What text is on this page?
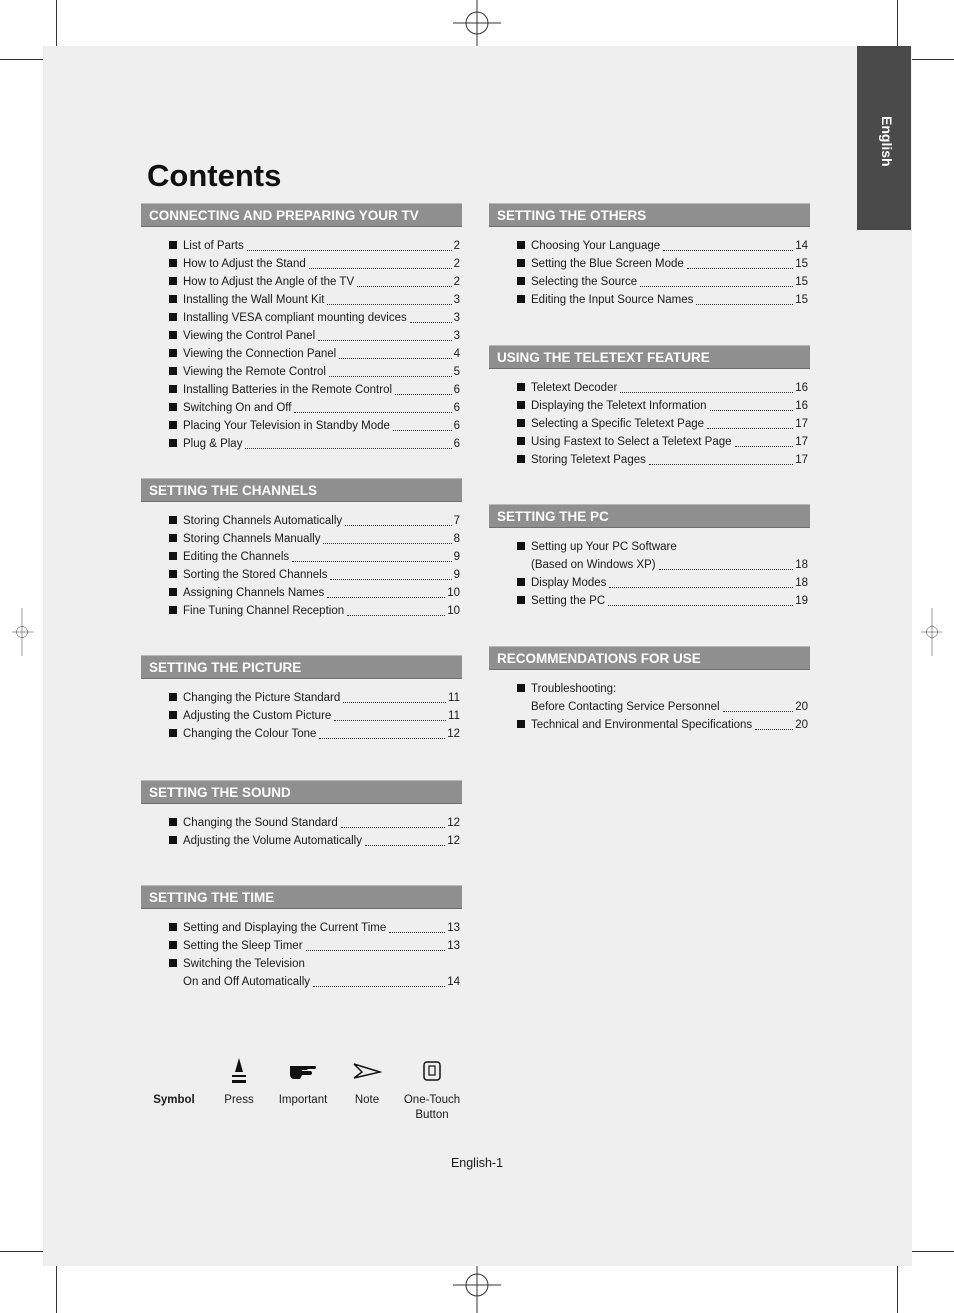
English
Contents
CONNECTING AND PREPARING YOUR TV
List of Parts	2
How to Adjust the Stand	2
How to Adjust the Angle of the TV	2
Installing the Wall Mount Kit	3
Installing VESA compliant mounting devices	3
Viewing the Control Panel	3
Viewing the Connection Panel	4
Viewing the Remote Control	5
Installing Batteries in the Remote Control	6
Switching On and Off	6
Placing Your Television in Standby Mode	6
Plug & Play	6
SETTING THE CHANNELS
Storing Channels Automatically	7
Storing Channels Manually	8
Editing the Channels	9
Sorting the Stored Channels	9
Assigning Channels Names	10
Fine Tuning Channel Reception	10
SETTING THE PICTURE
Changing the Picture Standard	11
Adjusting the Custom Picture	11
Changing the Colour Tone	12
SETTING THE SOUND
Changing the Sound Standard	12
Adjusting the Volume Automatically	12
SETTING THE TIME
Setting and Displaying the Current Time	13
Setting the Sleep Timer	13
Switching the Television
On and Off Automatically	14
SETTING THE OTHERS
Choosing Your Language	14
Setting the Blue Screen Mode	15
Selecting the Source	15
Editing the Input Source Names	15
USING THE TELETEXT FEATURE
Teletext Decoder	16
Displaying the Teletext Information	16
Selecting a Specific Teletext Page	17
Using Fastext to Select a Teletext Page	17
Storing Teletext Pages	17
SETTING THE PC
Setting up Your PC Software
(Based on Windows XP)	18
Display Modes	18
Setting the PC	19
RECOMMENDATIONS FOR USE
Troubleshooting:
Before Contacting Service Personnel	20
Technical and Environmental Specifications	20
Symbol	Press	Important	Note	One-Touch
Button
English-1
